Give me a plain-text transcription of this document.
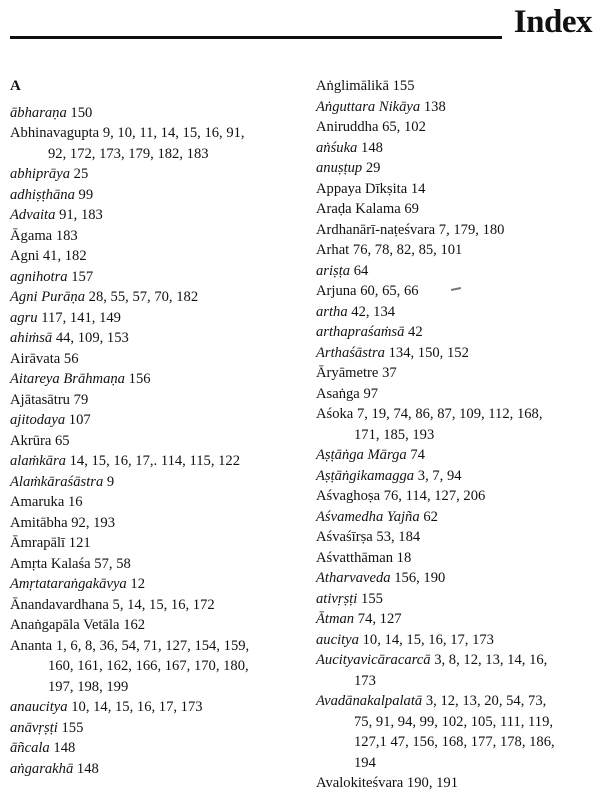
Index
A
ābharaṇa 150
Abhinavagupta 9, 10, 11, 14, 15, 16, 91,
92, 172, 173, 179, 182, 183
abhiprāya 25
adhiṣṭhāna 99
Advaita 91, 183
Āgama 183
Agni 41, 182
agnihotra 157
Agni Purāṇa 28, 55, 57, 70, 182
agru 117, 141, 149
ahiṁsā 44, 109, 153
Airāvata 56
Aitareya Brāhmaṇa 156
Ajātasātru 79
ajitodaya 107
Akrūra 65
alaṁkāra 14, 15, 16, 17,. 114, 115, 122
Alaṁkāraśāstra 9
Amaruka 16
Amitābha 92, 193
Āmrapālī 121
Amṛta Kalaśa 57, 58
Amṛtataraṅgakāvya 12
Ānandavardhana 5, 14, 15, 16, 172
Anaṅgapāla Vetāla 162
Ananta 1, 6, 8, 36, 54, 71, 127, 154, 159,
160, 161, 162, 166, 167, 170, 180,
197, 198, 199
anaucitya 10, 14, 15, 16, 17, 173
anāvṛṣṭi 155
āñcala 148
aṅgarakhā 148
Aṅglimālikā 155
Aṅguttara Nikāya 138
Aniruddha 65, 102
aṅśuka 148
anuṣṭup 29
Appaya Dīkṣita 14
Araḍa Kalama 69
Ardhanārī-naṭeśvara 7, 179, 180
Arhat 76, 78, 82, 85, 101
ariṣṭa 64
Arjuna 60, 65, 66
artha 42, 134
arthapraśaṁsā 42
Arthaśāstra 134, 150, 152
Āryāmetre 37
Asaṅga 97
Aśoka 7, 19, 74, 86, 87, 109, 112, 168,
171, 185, 193
Aṣṭāṅga Mārga 74
Aṣṭāṅgikamagga 3, 7, 94
Aśvaghoṣa 76, 114, 127, 206
Aśvamedha Yajña 62
Aśvaśīrṣa 53, 184
Aśvatthāman 18
Atharvaveda 156, 190
ativṛṣṭi 155
Ātman 74, 127
aucitya 10, 14, 15, 16, 17, 173
Aucityavicāracarcā 3, 8, 12, 13, 14, 16,
173
Avadānakalpalatā 3, 12, 13, 20, 54, 73,
75, 91, 94, 99, 102, 105, 111, 119,
127,1 47, 156, 168, 177, 178, 186,
194
Avalokiteśvara 190, 191
